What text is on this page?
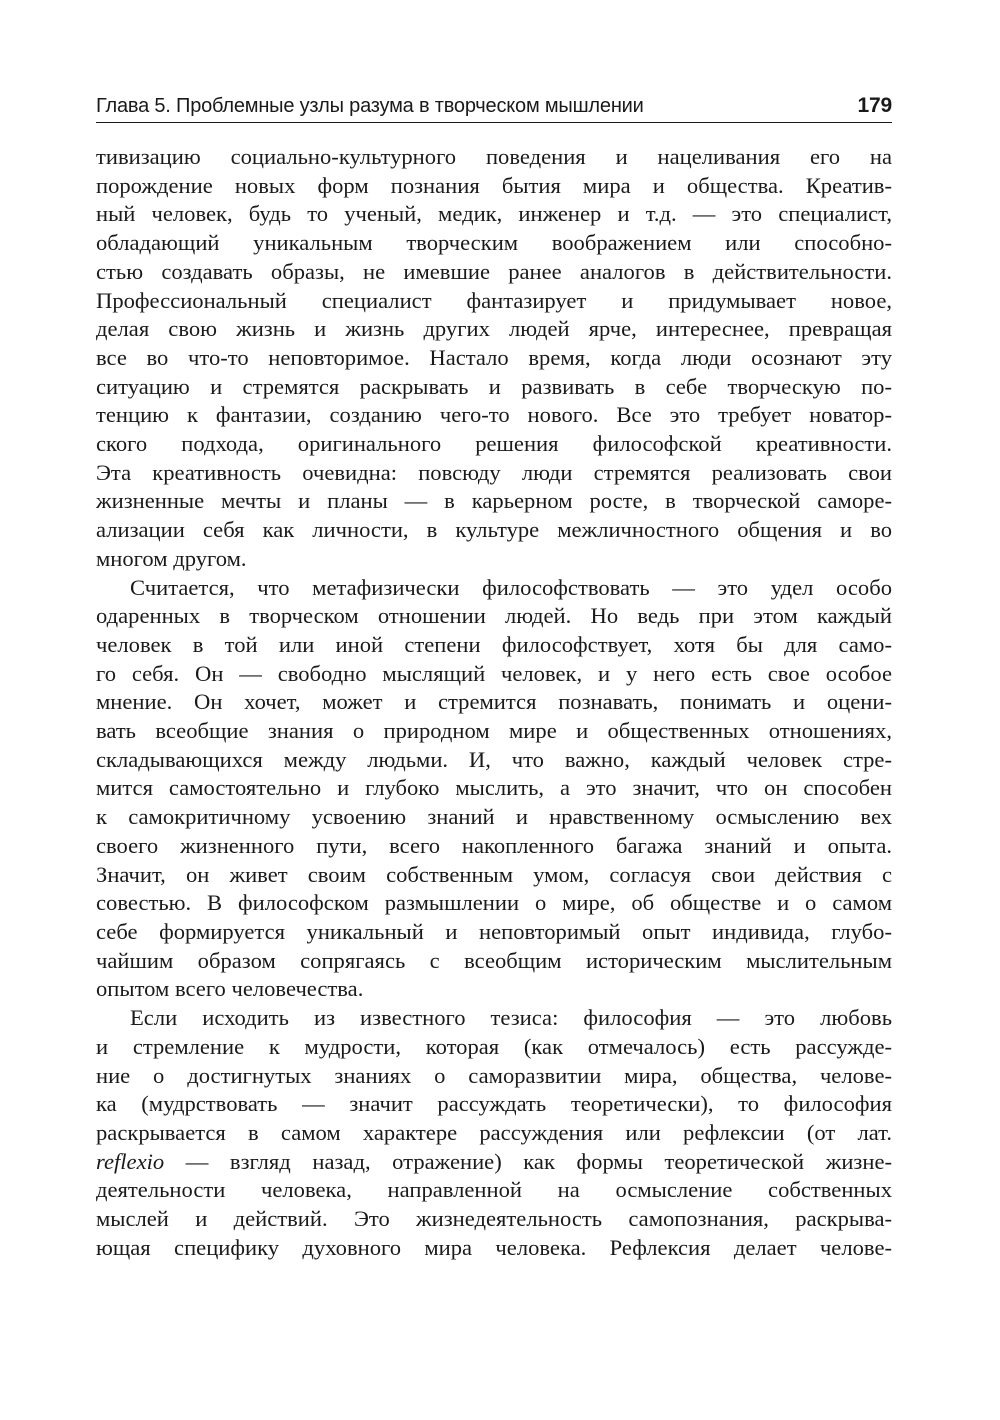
Глава 5. Проблемные узлы разума в творческом мышлении	179

тивизацию социально-культурного поведения и нацеливания его на
порождение новых форм познания бытия мира и общества. Креатив-
ный человек, будь то ученый, медик, инженер и т.д. — это специалист,
обладающий уникальным творческим воображением или способно-
стью создавать образы, не имевшие ранее аналогов в действительности.
Профессиональный специалист фантазирует и придумывает новое,
делая свою жизнь и жизнь других людей ярче, интереснее, превращая
все во что-то неповторимое. Настало время, когда люди осознают эту
ситуацию и стремятся раскрывать и развивать в себе творческую по-
тенцию к фантазии, созданию чего-то нового. Все это требует новатор-
ского подхода, оригинального решения философской креативности.
Эта креативность очевидна: повсюду люди стремятся реализовать свои
жизненные мечты и планы — в карьерном росте, в творческой саморе-
ализации себя как личности, в культуре межличностного общения и во
многом другом.

Считается, что метафизически философствовать — это удел особо
одаренных в творческом отношении людей. Но ведь при этом каждый
человек в той или иной степени философствует, хотя бы для само-
го себя. Он — свободно мыслящий человек, и у него есть свое особое
мнение. Он хочет, может и стремится познавать, понимать и оцени-
вать всеобщие знания о природном мире и общественных отношениях,
складывающихся между людьми. И, что важно, каждый человек стре-
мится самостоятельно и глубоко мыслить, а это значит, что он способен
к самокритичному усвоению знаний и нравственному осмыслению вех
своего жизненного пути, всего накопленного багажа знаний и опыта.
Значит, он живет своим собственным умом, согласуя свои действия с
совестью. В философском размышлении о мире, об обществе и о самом
себе формируется уникальный и неповторимый опыт индивида, глубо-
чайшим образом сопрягаясь с всеобщим историческим мыслительным
опытом всего человечества.

Если исходить из известного тезиса: философия — это любовь
и стремление к мудрости, которая (как отмечалось) есть рассужде-
ние о достигнутых знаниях о саморазвитии мира, общества, челове-
ка (мудрствовать — значит рассуждать теоретически), то философия
раскрывается в самом характере рассуждения или рефлексии (от лат.
reflexio — взгляд назад, отражение) как формы теоретической жизне-
деятельности человека, направленной на осмысление собственных
мыслей и действий. Это жизнедеятельность самопознания, раскрыва-
ющая специфику духовного мира человека. Рефлексия делает челове-
